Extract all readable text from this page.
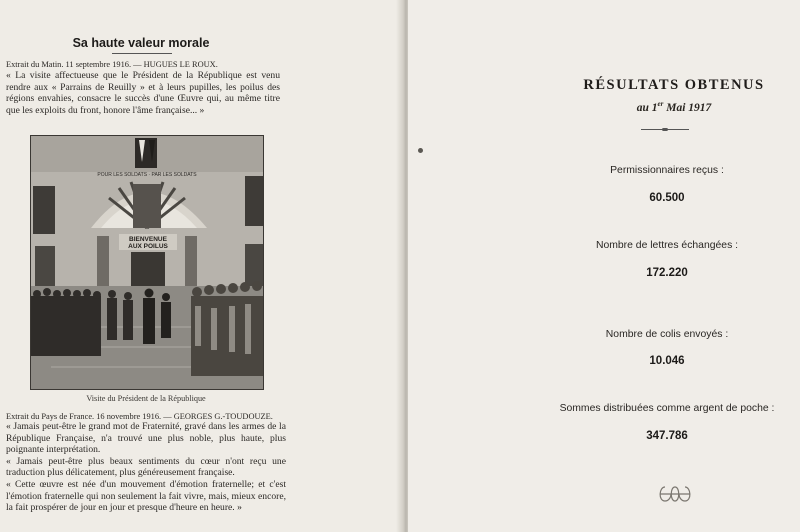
Sa haute valeur morale

Extrait du Matin. 11 septembre 1916. — HUGUES LE ROUX.

« La visite affectueuse que le Président de la République est venu rendre aux « Parrains de Reuilly » et à leurs pupilles, les poilus des régions envahies, consacre le succès d'une Œuvre qui, au même titre que les exploits du front, honore l'âme française... »

POUR LES SOLDATS · PAR LES SOLDATS
BIENVENUE
AUX POILUS
Visite du Président de la République

Extrait du Pays de France. 16 novembre 1916. — GEORGES G.-TOUDOUZE.

« Jamais peut-être le grand mot de Fraternité, gravé dans les armes de la République Française, n'a trouvé une plus noble, plus haute, plus poignante interprétation.

« Jamais peut-être plus beaux sentiments du cœur n'ont reçu une traduction plus délicatement, plus généreusement française.

« Cette œuvre est née d'un mouvement d'émotion fraternelle; et c'est l'émotion fraternelle qui non seulement la fait vivre, mais, mieux encore, la fait prospérer de jour en jour et presque d'heure en heure. »

RÉSULTATS OBTENUS
au 1er Mai 1917
Permissionnaires reçus :
60.500
Nombre de lettres échangées :
172.220
Nombre de colis envoyés :
10.046
Sommes distribuées comme argent de poche :
347.786
